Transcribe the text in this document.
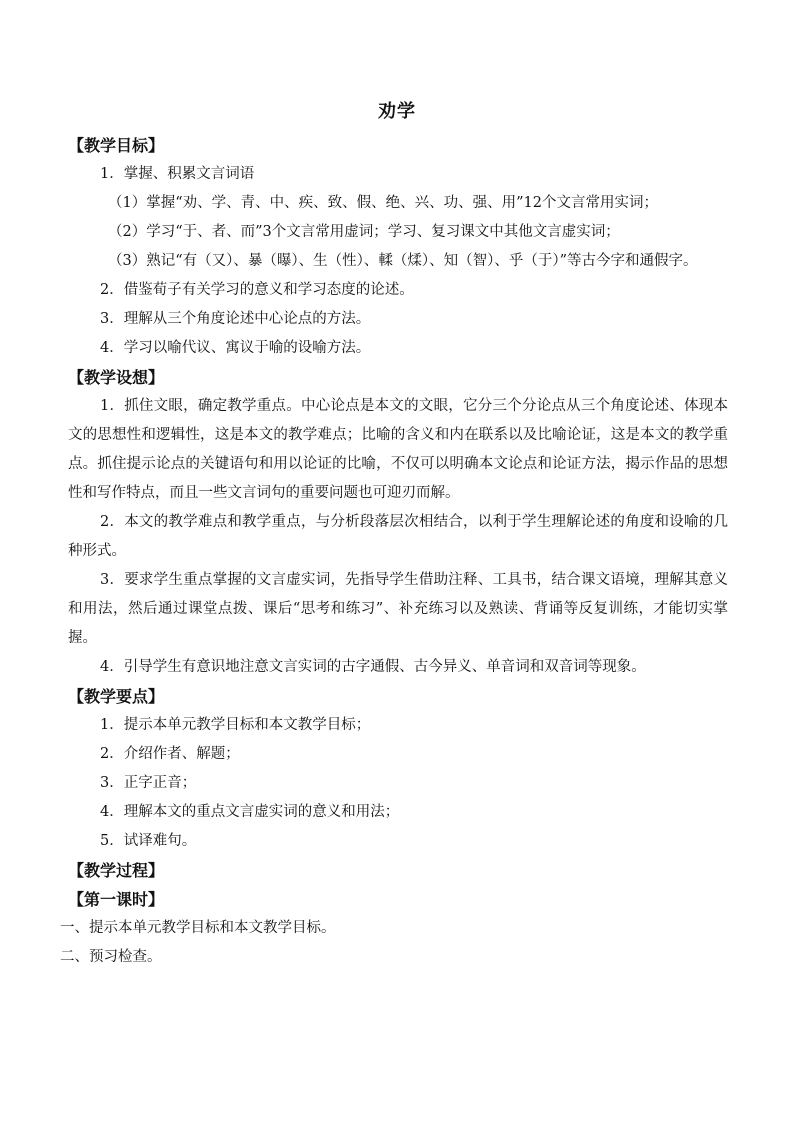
劝学
【教学目标】
1．掌握、积累文言词语
（1）掌握“劝、学、青、中、疾、致、假、绝、兴、功、强、用”12个文言常用实词；
（2）学习“于、者、而”3个文言常用虚词；学习、复习课文中其他文言虚实词；
（3）熟记“有（又）、暴（曝）、生（性）、輮（煣）、知（智）、乎（于）”等古今字和通假字。
2．借鉴荀子有关学习的意义和学习态度的论述。
3．理解从三个角度论述中心论点的方法。
4．学习以喻代议、寓议于喻的设喻方法。
【教学设想】
1．抓住文眼，确定教学重点。中心论点是本文的文眼，它分三个分论点从三个角度论述、体现本文的思想性和逻辑性，这是本文的教学难点；比喻的含义和内在联系以及比喻论证，这是本文的教学重点。抓住提示论点的关键语句和用以论证的比喻，不仅可以明确本文论点和论证方法，揭示作品的思想性和写作特点，而且一些文言词句的重要问题也可迎刃而解。
2．本文的教学难点和教学重点，与分析段落层次相结合，以利于学生理解论述的角度和设喻的几种形式。
3．要求学生重点掌握的文言虚实词，先指导学生借助注释、工具书，结合课文语境，理解其意义和用法，然后通过课堂点拨、课后“思考和练习”、补充练习以及熟读、背诵等反复训练，才能切实掌握。
4．引导学生有意识地注意文言实词的古字通假、古今异义、单音词和双音词等现象。
【教学要点】
1．提示本单元教学目标和本文教学目标；
2．介绍作者、解题；
3．正字正音；
4．理解本文的重点文言虚实词的意义和用法；
5．试译难句。
【教学过程】
【第一课时】
一、提示本单元教学目标和本文教学目标。
二、预习检查。
